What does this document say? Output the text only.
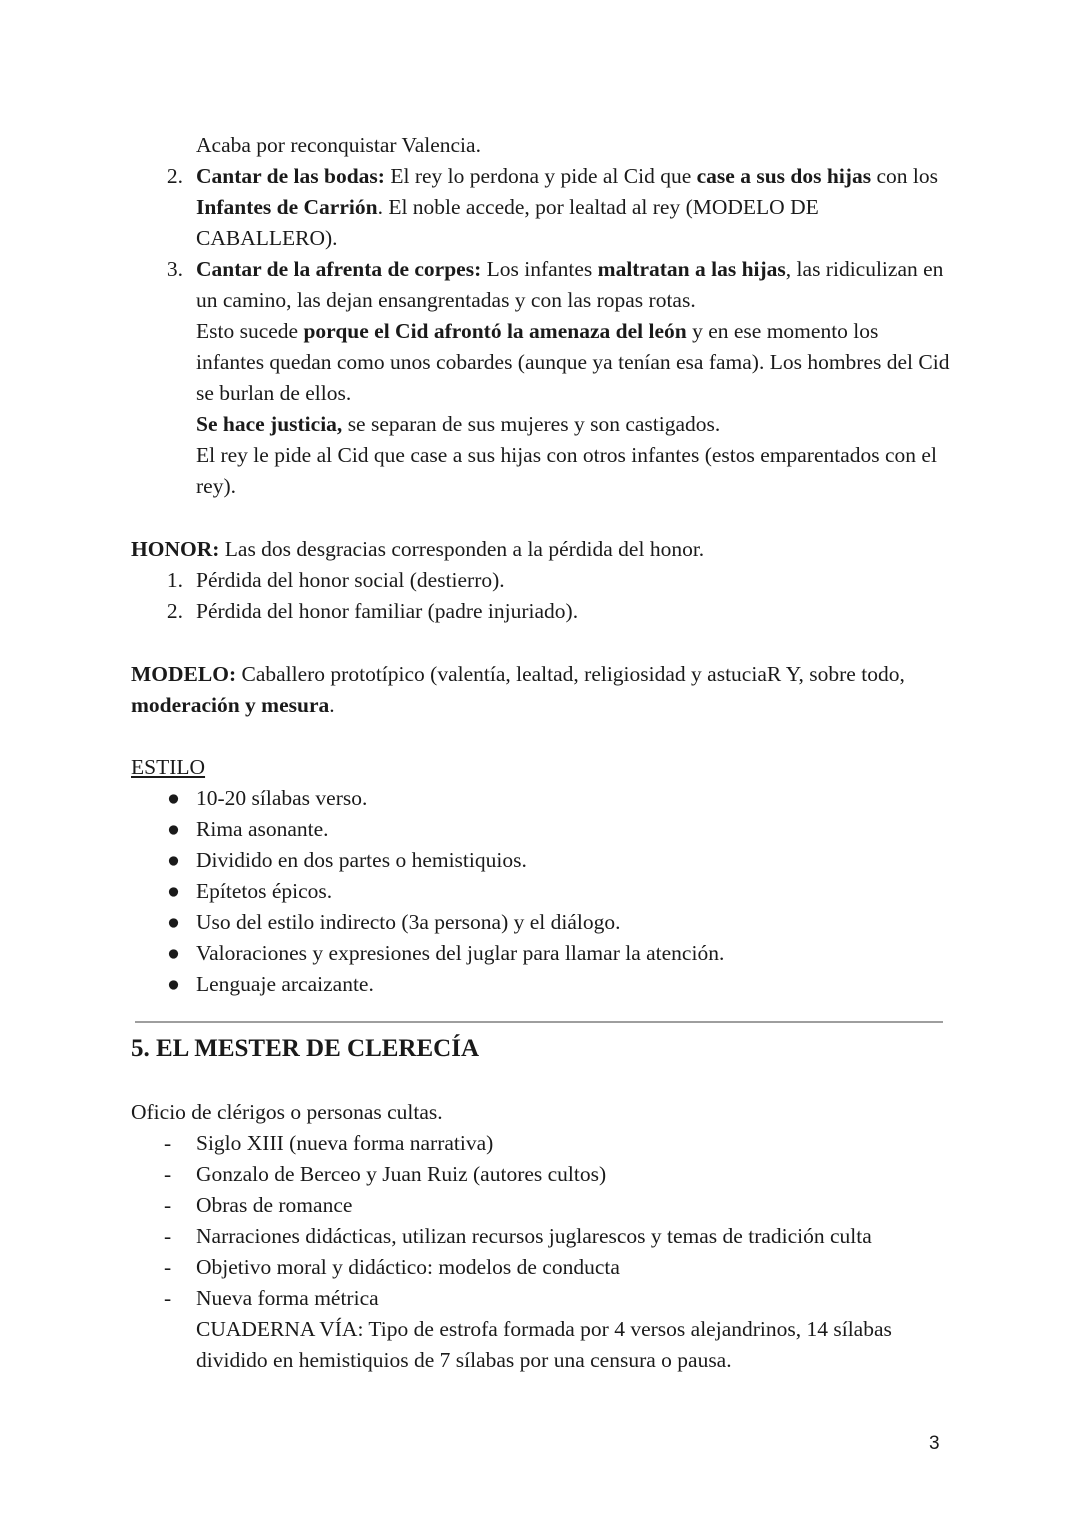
Acaba por reconquistar Valencia.
2. Cantar de las bodas: El rey lo perdona y pide al Cid que case a sus dos hijas con los Infantes de Carrión. El noble accede, por lealtad al rey (MODELO DE CABALLERO).
3. Cantar de la afrenta de corpes: Los infantes maltratan a las hijas, las ridiculizan en un camino, las dejan ensangrentadas y con las ropas rotas.
Esto sucede porque el Cid afrontó la amenaza del león y en ese momento los infantes quedan como unos cobardes (aunque ya tenían esa fama). Los hombres del Cid se burlan de ellos.
Se hace justicia, se separan de sus mujeres y son castigados.
El rey le pide al Cid que case a sus hijas con otros infantes (estos emparentados con el rey).
HONOR: Las dos desgracias corresponden a la pérdida del honor.
1. Pérdida del honor social (destierro).
2. Pérdida del honor familiar (padre injuriado).
MODELO: Caballero prototípico (valentía, lealtad, religiosidad y astuciaR Y, sobre todo, moderación y mesura.
ESTILO
● 10-20 sílabas verso.
● Rima asonante.
● Dividido en dos partes o hemistiquios.
● Epítetos épicos.
● Uso del estilo indirecto (3a persona) y el diálogo.
● Valoraciones y expresiones del juglar para llamar la atención.
● Lenguaje arcaizante.
5. EL MESTER DE CLERECÍA
Oficio de clérigos o personas cultas.
- Siglo XIII (nueva forma narrativa)
- Gonzalo de Berceo y Juan Ruiz (autores cultos)
- Obras de romance
- Narraciones didácticas, utilizan recursos juglarescos y temas de tradición culta
- Objetivo moral y didáctico: modelos de conducta
- Nueva forma métrica
CUADERNA VÍA: Tipo de estrofa formada por 4 versos alejandrinos, 14 sílabas dividido en hemistiquios de 7 sílabas por una censura o pausa.
3
